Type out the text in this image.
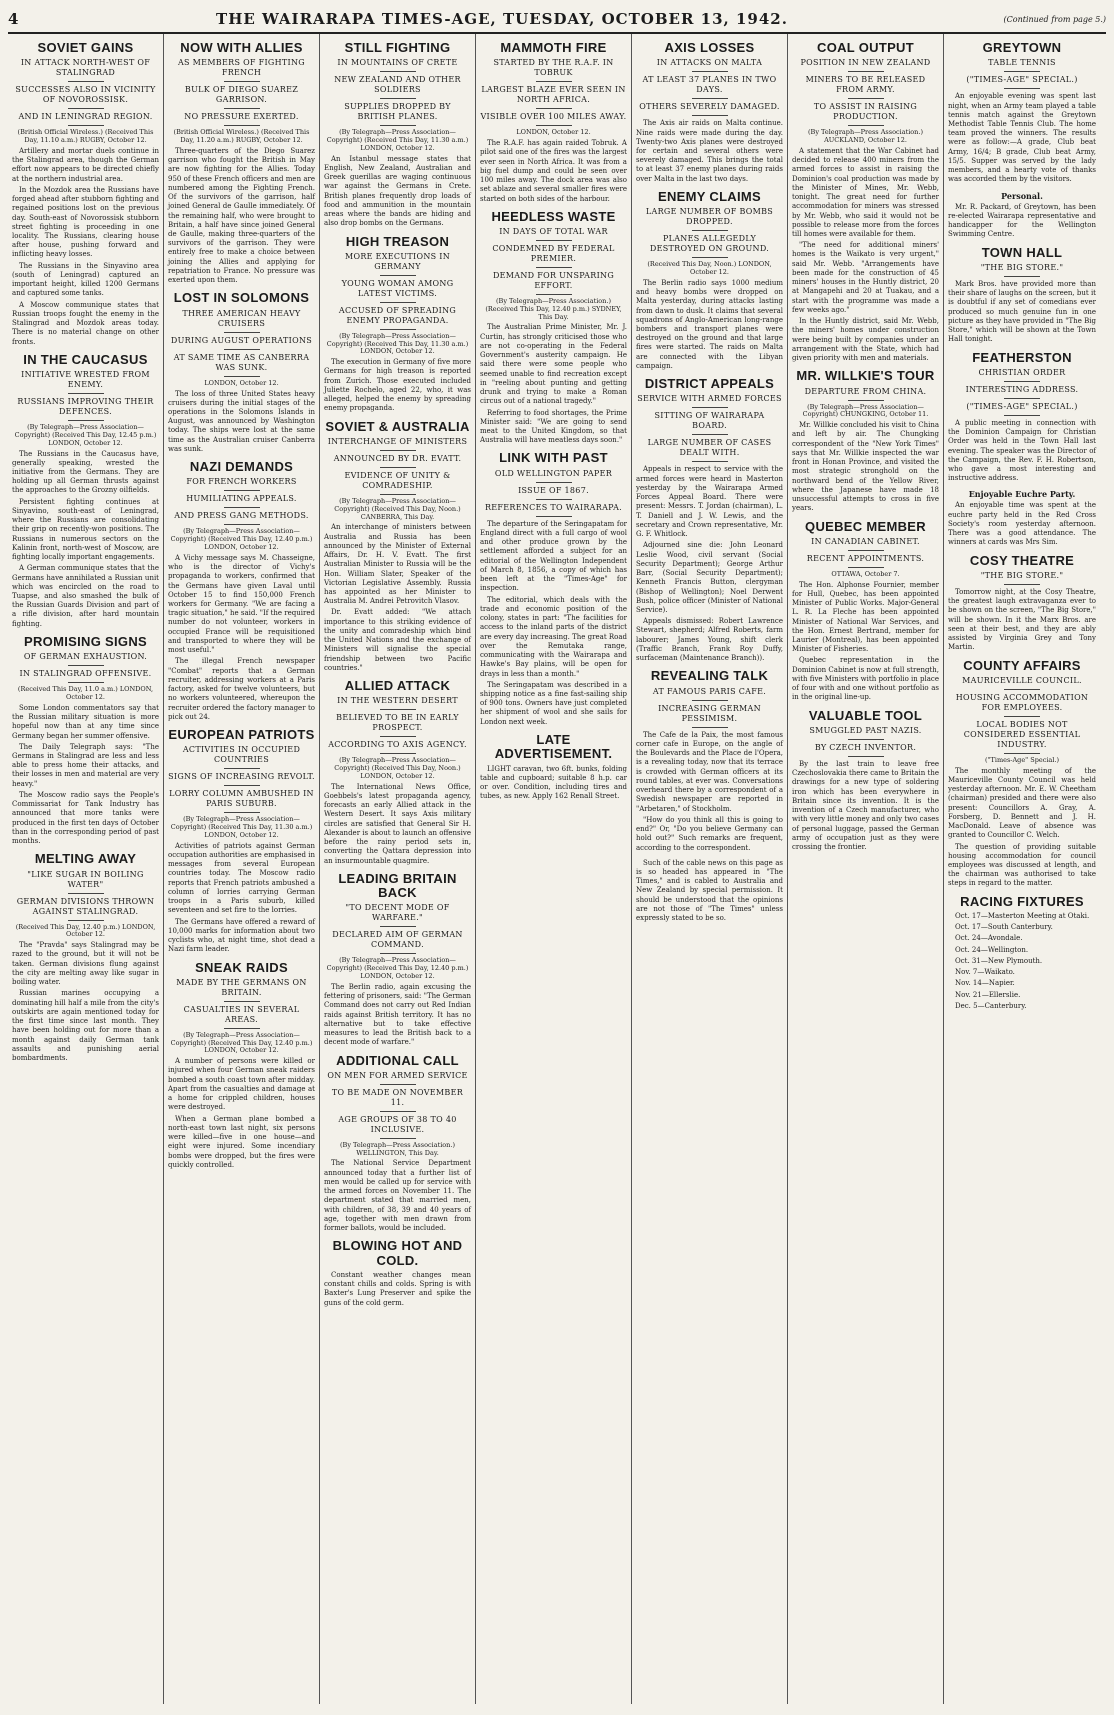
4	THE WAIRARAPA TIMES-AGE, TUESDAY, OCTOBER 13, 1942.	(Continued from page 5.)
SOVIET GAINS
IN ATTACK NORTH-WEST OF STALINGRAD
SUCCESSES ALSO IN VICINITY OF NOVOROSSISK.
AND IN LENINGRAD REGION.
(British Official Wireless.) (Received This Day, 11.10 a.m.) RUGBY, October 12.

Artillery and mortar duels continue in the Stalingrad area, though the German effort now appears to be directed chiefly at the northern industrial area.

In the Mozdok area the Russians have forged ahead after stubborn fighting and regained positions lost on the previous day. South-east of Novorossisk stubborn street fighting is proceeding in one locality. The Russians, clearing house after house, pushing forward and inflicting heavy losses.

The Russians in the Sinyavino area (south of Leningrad) captured an important height, killed 1200 Germans and captured some tanks.

A Moscow communique states that Russian troops fought the enemy in the Stalingrad and Mozdok areas today. There is no material change on other fronts.

IN THE CAUCASUS
INITIATIVE WRESTED FROM ENEMY.
RUSSIANS IMPROVING THEIR DEFENCES.
(By Telegraph—Press Association—Copyright) (Received This Day, 12.45 p.m.) LONDON, October 12.

The Russians in the Caucasus have, generally speaking, wrested the initiative from the Germans. They are holding up all German thrusts against the approaches to the Grozny oilfields.

Persistent fighting continues at Sinyavino, south-east of Leningrad, where the Russians are consolidating their grip on recently-won positions. The Russians in numerous sectors on the Kalinin front, north-west of Moscow, are fighting locally important engagements.

A German communique states that the Germans have annihilated a Russian unit which was encircled on the road to Tuapse, and also smashed the bulk of the Russian Guards Division and part of a rifle division, after hard mountain fighting.

PROMISING SIGNS
OF GERMAN EXHAUSTION.
IN STALINGRAD OFFENSIVE.
(Received This Day, 11.0 a.m.) LONDON, October 12.

Some London commentators say that the Russian military situation is more hopeful now than at any time since Germany began her summer offensive.

The Daily Telegraph says: "The Germans in Stalingrad are less and less able to press home their attacks, and their losses in men and material are very heavy."

The Moscow radio says the People's Commissariat for Tank Industry has announced that more tanks were produced in the first ten days of October than in the corresponding period of past months.

MELTING AWAY
"LIKE SUGAR IN BOILING WATER"
GERMAN DIVISIONS THROWN AGAINST STALINGRAD.
(Received This Day, 12.40 p.m.) LONDON, October 12.

The "Pravda" says Stalingrad may be razed to the ground, but it will not be taken. German divisions flung against the city are melting away like sugar in boiling water.

Russian marines occupying a dominating hill half a mile from the city's outskirts are again mentioned today for the first time since last month. They have been holding out for more than a month against daily German tank assaults and punishing aerial bombardments.

NOW WITH ALLIES
AS MEMBERS OF FIGHTING FRENCH
BULK OF DIEGO SUAREZ GARRISON.
NO PRESSURE EXERTED.
(British Official Wireless.) (Received This Day, 11.20 a.m.) RUGBY, October 12.

Three-quarters of the Diego Suarez garrison who fought the British in May are now fighting for the Allies. Today 950 of these French officers and men are numbered among the Fighting French. Of the survivors of the garrison, half joined General de Gaulle immediately. Of the remaining half, who were brought to Britain, a half have since joined General de Gaulle, making three-quarters of the survivors of the garrison. They were entirely free to make a choice between joining the Allies and applying for repatriation to France. No pressure was exerted upon them.

LOST IN SOLOMONS
THREE AMERICAN HEAVY CRUISERS
DURING AUGUST OPERATIONS
AT SAME TIME AS CANBERRA WAS SUNK.
LONDON, October 12.

The loss of three United States heavy cruisers during the initial stages of the operations in the Solomons Islands in August, was announced by Washington today. The ships were lost at the same time as the Australian cruiser Canberra was sunk.

NAZI DEMANDS
FOR FRENCH WORKERS
HUMILIATING APPEALS.
AND PRESS GANG METHODS.
(By Telegraph—Press Association—Copyright) (Received This Day, 12.40 p.m.) LONDON, October 12.

A Vichy message says M. Chasseigne, who is the director of Vichy's propaganda to workers, confirmed that the Germans have given Laval until October 15 to find 150,000 French workers for Germany. "We are facing a tragic situation," he said. "If the required number do not volunteer, workers in occupied France will be requisitioned and transported to where they will be most useful."

The illegal French newspaper "Combat" reports that a German recruiter, addressing workers at a Paris factory, asked for twelve volunteers, but no workers volunteered, whereupon the recruiter ordered the factory manager to pick out 24.

EUROPEAN PATRIOTS
ACTIVITIES IN OCCUPIED COUNTRIES
SIGNS OF INCREASING REVOLT.
LORRY COLUMN AMBUSHED IN PARIS SUBURB.
(By Telegraph—Press Association—Copyright) (Received This Day, 11.30 a.m.) LONDON, October 12.

Activities of patriots against German occupation authorities are emphasised in messages from several European countries today. The Moscow radio reports that French patriots ambushed a column of lorries carrying German troops in a Paris suburb, killed seventeen and set fire to the lorries.

The Germans have offered a reward of 10,000 marks for information about two cyclists who, at night time, shot dead a Nazi farm leader.

SNEAK RAIDS
MADE BY THE GERMANS ON BRITAIN.
CASUALTIES IN SEVERAL AREAS.
(By Telegraph—Press Association—Copyright) (Received This Day, 12.40 p.m.) LONDON, October 12.

A number of persons were killed or injured when four German sneak raiders bombed a south coast town after midday. Apart from the casualties and damage at a home for crippled children, houses were destroyed.

When a German plane bombed a north-east town last night, six persons were killed—five in one house—and eight were injured. Some incendiary bombs were dropped, but the fires were quickly controlled.

STILL FIGHTING
IN MOUNTAINS OF CRETE
NEW ZEALAND AND OTHER SOLDIERS
SUPPLIES DROPPED BY BRITISH PLANES.
(By Telegraph—Press Association—Copyright) (Received This Day, 11.30 a.m.) LONDON, October 12.

An Istanbul message states that English, New Zealand, Australian and Greek guerillas are waging continuous war against the Germans in Crete. British planes frequently drop loads of food and ammunition in the mountain areas where the bands are hiding and also drop bombs on the Germans.

HIGH TREASON
MORE EXECUTIONS IN GERMANY
YOUNG WOMAN AMONG LATEST VICTIMS.
ACCUSED OF SPREADING ENEMY PROPAGANDA.
(By Telegraph—Press Association—Copyright) (Received This Day, 11.30 a.m.) LONDON, October 12.

The execution in Germany of five more Germans for high treason is reported from Zurich. Those executed included Juliette Rochelo, aged 22, who, it was alleged, helped the enemy by spreading enemy propaganda.

SOVIET & AUSTRALIA
INTERCHANGE OF MINISTERS
ANNOUNCED BY DR. EVATT.
EVIDENCE OF UNITY & COMRADESHIP.
(By Telegraph—Press Association—Copyright) (Received This Day, Noon.) CANBERRA, This Day.

An interchange of ministers between Australia and Russia has been announced by the Minister of External Affairs, Dr. H. V. Evatt. The first Australian Minister to Russia will be the Hon. William Slater, Speaker of the Victorian Legislative Assembly. Russia has appointed as her Minister to Australia M. Andrei Petrovitch Vlasov.

Dr. Evatt added: "We attach importance to this striking evidence of the unity and comradeship which bind the United Nations and the exchange of Ministers will signalise the special friendship between two Pacific countries."

ALLIED ATTACK
IN THE WESTERN DESERT
BELIEVED TO BE IN EARLY PROSPECT.
ACCORDING TO AXIS AGENCY.
(By Telegraph—Press Association—Copyright) (Received This Day, Noon.) LONDON, October 12.

The International News Office, Goebbels's latest propaganda agency, forecasts an early Allied attack in the Western Desert. It says Axis military circles are satisfied that General Sir H. Alexander is about to launch an offensive before the rainy period sets in, converting the Qattara depression into an insurmountable quagmire.

LEADING BRITAIN BACK
"TO DECENT MODE OF WARFARE."
DECLARED AIM OF GERMAN COMMAND.
(By Telegraph—Press Association—Copyright) (Received This Day, 12.40 p.m.) LONDON, October 12.

The Berlin radio, again excusing the fettering of prisoners, said: "The German Command does not carry out Red Indian raids against British territory. It has no alternative but to take effective measures to lead the British back to a decent mode of warfare."

ADDITIONAL CALL
ON MEN FOR ARMED SERVICE
TO BE MADE ON NOVEMBER 11.
AGE GROUPS OF 38 TO 40 INCLUSIVE.
(By Telegraph—Press Association.) WELLINGTON, This Day.

The National Service Department announced today that a further list of men would be called up for service with the armed forces on November 11. The department stated that married men, with children, of 38, 39 and 40 years of age, together with men drawn from former ballots, would be included.

BLOWING HOT AND COLD.

Constant weather changes mean constant chills and colds. Spring is with Baxter's Lung Preserver and spike the guns of the cold germ.

MAMMOTH FIRE
STARTED BY THE R.A.F. IN TOBRUK
LARGEST BLAZE EVER SEEN IN NORTH AFRICA.
VISIBLE OVER 100 MILES AWAY.
LONDON, October 12.

The R.A.F. has again raided Tobruk. A pilot said one of the fires was the largest ever seen in North Africa. It was from a big fuel dump and could be seen over 100 miles away. The dock area was also set ablaze and several smaller fires were started on both sides of the harbour.

HEEDLESS WASTE
IN DAYS OF TOTAL WAR
CONDEMNED BY FEDERAL PREMIER.
DEMAND FOR UNSPARING EFFORT.
(By Telegraph—Press Association.) (Received This Day, 12.40 p.m.) SYDNEY, This Day.

The Australian Prime Minister, Mr. J. Curtin, has strongly criticised those who are not co-operating in the Federal Government's austerity campaign. He said there were some people who seemed unable to find recreation except in "reeling about punting and getting drunk and trying to make a Roman circus out of a national tragedy."

Referring to food shortages, the Prime Minister said: "We are going to send meat to the United Kingdom, so that Australia will have meatless days soon."

LINK WITH PAST
OLD WELLINGTON PAPER
ISSUE OF 1867.
REFERENCES TO WAIRARAPA.

The departure of the Seringapatam for England direct with a full cargo of wool and other produce grown by the settlement afforded a subject for an editorial of the Wellington Independent of March 8, 1856, a copy of which has been left at the "Times-Age" for inspection.

The editorial, which deals with the trade and economic position of the colony, states in part: "The facilities for access to the inland parts of the district are every day increasing. The great Road over the Remutaka range, communicating with the Wairarapa and Hawke's Bay plains, will be open for drays in less than a month."

The Seringapatam was described in a shipping notice as a fine fast-sailing ship of 900 tons. Owners have just completed her shipment of wool and she sails for London next week.

LATE ADVERTISEMENT.

LIGHT caravan, two 6ft. bunks, folding table and cupboard; suitable 8 h.p. car or over. Condition, including tires and tubes, as new. Apply 162 Renall Street.

AXIS LOSSES
IN ATTACKS ON MALTA
AT LEAST 37 PLANES IN TWO DAYS.
OTHERS SEVERELY DAMAGED.

The Axis air raids on Malta continue. Nine raids were made during the day. Twenty-two Axis planes were destroyed for certain and several others were severely damaged. This brings the total to at least 37 enemy planes during raids over Malta in the last two days.

ENEMY CLAIMS
LARGE NUMBER OF BOMBS DROPPED.
PLANES ALLEGEDLY DESTROYED ON GROUND.
(Received This Day, Noon.) LONDON, October 12.

The Berlin radio says 1000 medium and heavy bombs were dropped on Malta yesterday, during attacks lasting from dawn to dusk. It claims that several squadrons of Anglo-American long-range bombers and transport planes were destroyed on the ground and that large fires were started. The raids on Malta are connected with the Libyan campaign.

DISTRICT APPEALS
SERVICE WITH ARMED FORCES
SITTING OF WAIRARAPA BOARD.
LARGE NUMBER OF CASES DEALT WITH.

Appeals in respect to service with the armed forces were heard in Masterton yesterday by the Wairarapa Armed Forces Appeal Board. There were present: Messrs. T. Jordan (chairman), L. T. Daniell and J. W. Lewis, and the secretary and Crown representative, Mr. G. F. Whitlock.

Adjourned sine die: John Leonard Leslie Wood, civil servant (Social Security Department); George Arthur Barr, (Social Security Department); Kenneth Francis Button, clergyman (Bishop of Wellington); Noel Derwent Bush, police officer (Minister of National Service).

Appeals dismissed: Robert Lawrence Stewart, shepherd; Alfred Roberts, farm labourer; James Young, shift clerk (Traffic Branch, Frank Roy Duffy, surfaceman (Maintenance Branch)).

REVEALING TALK
AT FAMOUS PARIS CAFE.
INCREASING GERMAN PESSIMISM.

The Cafe de la Paix, the most famous corner cafe in Europe, on the angle of the Boulevards and the Place de l'Opera, is a revealing today, now that its terrace is crowded with German officers at its round tables, at ever was. Conversations overheard there by a correspondent of a Swedish newspaper are reported in "Arbetaren," of Stockholm.

"How do you think all this is going to end?" Or, "Do you believe Germany can hold out?" Such remarks are frequent, according to the correspondent.

Such of the cable news on this page as is so headed has appeared in "The Times," and is cabled to Australia and New Zealand by special permission. It should be understood that the opinions are not those of "The Times" unless expressly stated to be so.

COAL OUTPUT
POSITION IN NEW ZEALAND
MINERS TO BE RELEASED FROM ARMY.
TO ASSIST IN RAISING PRODUCTION.
(By Telegraph—Press Association.) AUCKLAND, October 12.

A statement that the War Cabinet had decided to release 400 miners from the armed forces to assist in raising the Dominion's coal production was made by the Minister of Mines, Mr. Webb, tonight. The great need for further accommodation for miners was stressed by Mr. Webb, who said it would not be possible to release more from the forces till homes were available for them.

"The need for additional miners' homes is the Waikato is very urgent," said Mr. Webb. "Arrangements have been made for the construction of 45 miners' houses in the Huntly district, 20 at Mangapehi and 20 at Tuakau, and a start with the programme was made a few weeks ago."

In the Huntly district, said Mr. Webb, the miners' homes under construction were being built by companies under an arrangement with the State, which had given priority with men and materials.

MR. WILLKIE'S TOUR
DEPARTURE FROM CHINA.
(By Telegraph—Press Association—Copyright) CHUNGKING, October 11.

Mr. Willkie concluded his visit to China and left by air. The Chungking correspondent of the "New York Times" says that Mr. Willkie inspected the war front in Honan Province, and visited the most strategic stronghold on the northward bend of the Yellow River, where the Japanese have made 18 unsuccessful attempts to cross in five years.

QUEBEC MEMBER
IN CANADIAN CABINET.
RECENT APPOINTMENTS.
OTTAWA, October 7.

The Hon. Alphonse Fournier, member for Hull, Quebec, has been appointed Minister of Public Works. Major-General L. R. La Fleche has been appointed Minister of National War Services, and the Hon. Ernest Bertrand, member for Laurier (Montreal), has been appointed Minister of Fisheries.

Quebec representation in the Dominion Cabinet is now at full strength, with five Ministers with portfolio in place of four with and one without portfolio as in the original line-up.

VALUABLE TOOL
SMUGGLED PAST NAZIS.
BY CZECH INVENTOR.

By the last train to leave free Czechoslovakia there came to Britain the drawings for a new type of soldering iron which has been everywhere in Britain since its invention. It is the invention of a Czech manufacturer, who with very little money and only two cases of personal luggage, passed the German army of occupation just as they were crossing the frontier.

GREYTOWN
TABLE TENNIS
("TIMES-AGE" SPECIAL.)

An enjoyable evening was spent last night, when an Army team played a table tennis match against the Greytown Methodist Table Tennis Club. The home team proved the winners. The results were as follow:—A grade, Club beat Army, 16/4; B grade, Club beat Army, 15/5. Supper was served by the lady members, and a hearty vote of thanks was accorded them by the visitors.

Personal.

Mr. R. Packard, of Greytown, has been re-elected Wairarapa representative and handicapper for the Wellington Swimming Centre.

TOWN HALL
"THE BIG STORE."

Mark Bros. have provided more than their share of laughs on the screen, but it is doubtful if any set of comedians ever produced so much genuine fun in one picture as they have provided in "The Big Store," which will be shown at the Town Hall tonight.

FEATHERSTON
CHRISTIAN ORDER
INTERESTING ADDRESS.
("TIMES-AGE" SPECIAL.)

A public meeting in connection with the Dominion Campaign for Christian Order was held in the Town Hall last evening. The speaker was the Director of the Campaign, the Rev. F. H. Robertson, who gave a most interesting and instructive address.

Enjoyable Euchre Party.

An enjoyable time was spent at the euchre party held in the Red Cross Society's room yesterday afternoon. There was a good attendance. The winners at cards was Mrs Sim.

COSY THEATRE
"THE BIG STORE."

Tomorrow night, at the Cosy Theatre, the greatest laugh extravaganza ever to be shown on the screen, "The Big Store," will be shown. In it the Marx Bros. are seen at their best, and they are ably assisted by Virginia Grey and Tony Martin.

COUNTY AFFAIRS
MAURICEVILLE COUNCIL.
HOUSING ACCOMMODATION FOR EMPLOYEES.
LOCAL BODIES NOT CONSIDERED ESSENTIAL INDUSTRY.
("Times-Age" Special.)

The monthly meeting of the Mauriceville County Council was held yesterday afternoon. Mr. E. W. Cheetham (chairman) presided and there were also present: Councillors A. Gray, A. Forsberg, D. Bennett and J. H. MacDonald. Leave of absence was granted to Councillor C. Welch.

The question of providing suitable housing accommodation for council employees was discussed at length, and the chairman was authorised to take steps in regard to the matter.

RACING FIXTURES

Oct. 17—Masterton Meeting at Otaki.

Oct. 17—South Canterbury.

Oct. 24—Avondale.

Oct. 24—Wellington.

Oct. 31—New Plymouth.

Nov. 7—Waikato.

Nov. 14—Napier.

Nov. 21—Ellerslie.

Dec. 5—Canterbury.
